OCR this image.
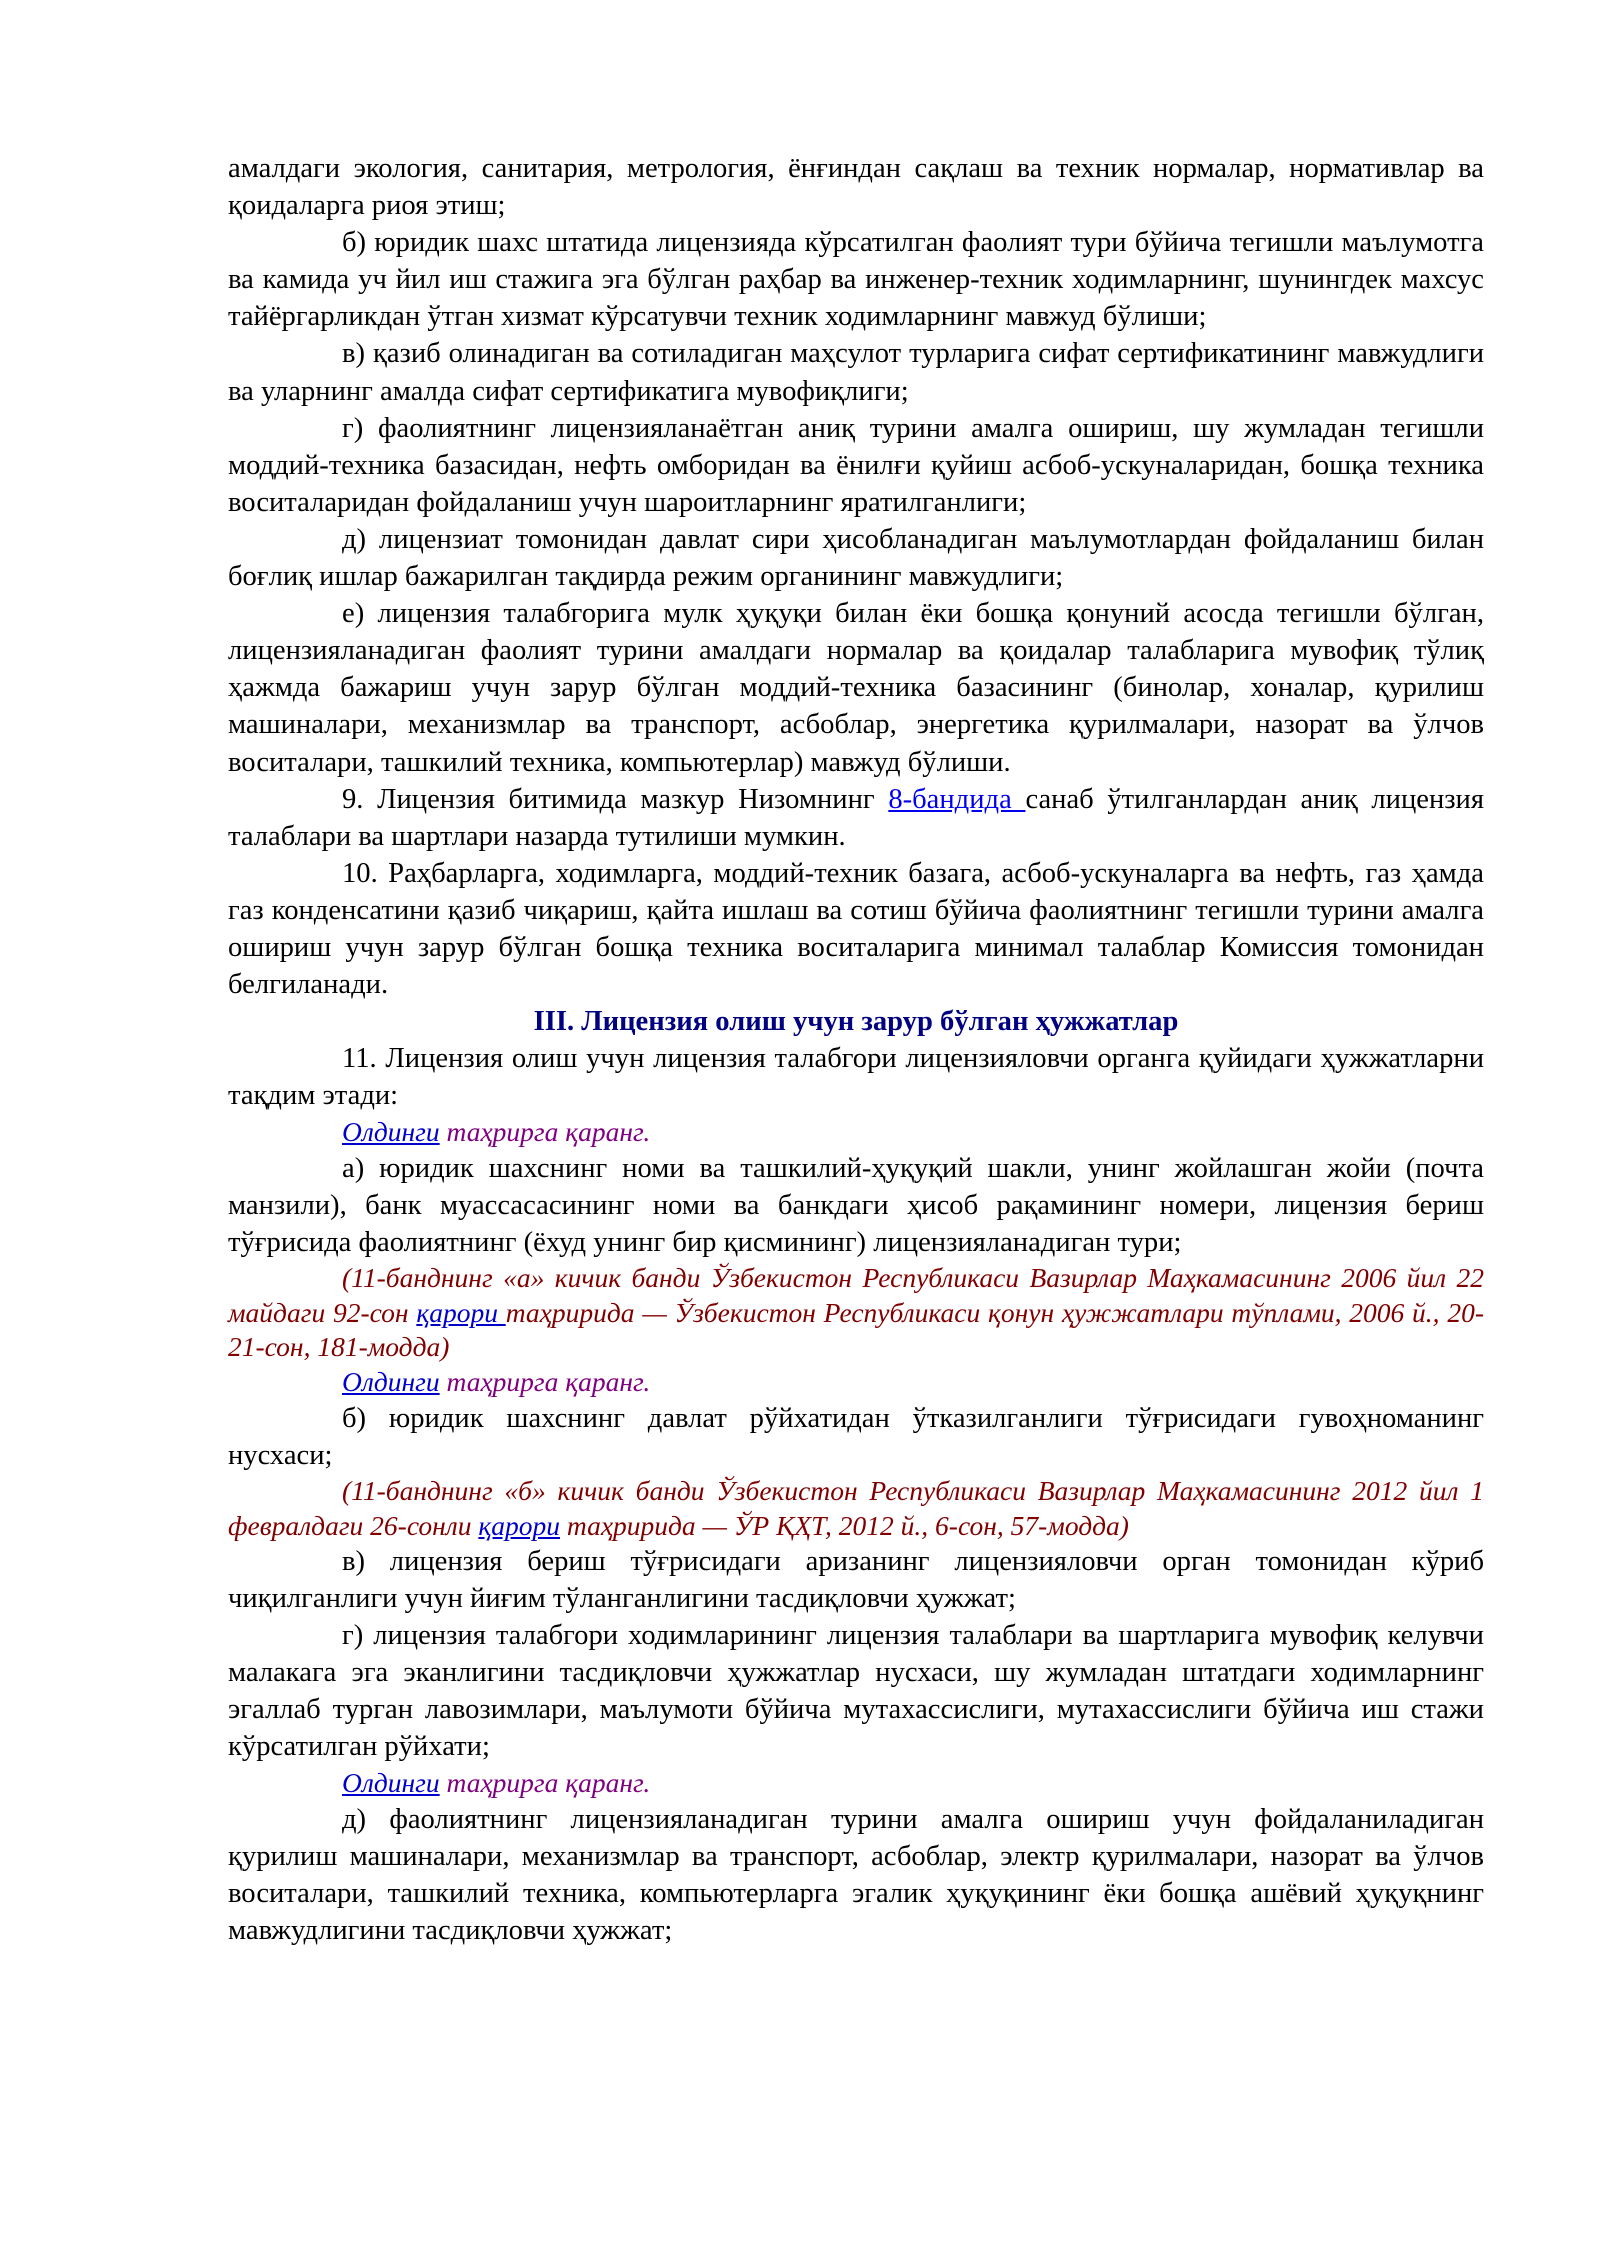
амалдаги экология, санитария, метрология, ёнғиндан сақлаш ва техник нормалар, нормативлар ва қоидаларга риоя этиш;

б) юридик шахс штатида лицензияда кўрсатилган фаолият тури бўйича тегишли маълумотга ва камида уч йил иш стажига эга бўлган раҳбар ва инженер-техник ходимларнинг, шунингдек махсус тайёргарликдан ўтган хизмат кўрсатувчи техник ходимларнинг мавжуд бўлиши;

в) қазиб олинадиган ва сотиладиган маҳсулот турларига сифат сертификатининг мавжудлиги ва уларнинг амалда сифат сертификатига мувофиқлиги;

г) фаолиятнинг лицензияланаётган аниқ турини амалга ошириш, шу жумладан тегишли моддий-техника базасидан, нефть омборидан ва ёнилғи қуйиш асбоб-ускуналаридан, бошқа техника воситаларидан фойдаланиш учун шароитларнинг яратилганлиги;

д) лицензиат томонидан давлат сири ҳисобланадиган маълумотлардан фойдаланиш билан боғлиқ ишлар бажарилган тақдирда режим органининг мавжудлиги;

е) лицензия талабгорига мулк ҳуқуқи билан ёки бошқа қонуний асосда тегишли бўлган, лицензияланадиган фаолият турини амалдаги нормалар ва қоидалар талабларига мувофиқ тўлиқ ҳажмда бажариш учун зарур бўлган моддий-техника базасининг (бинолар, хоналар, қурилиш машиналари, механизмлар ва транспорт, асбоблар, энергетика қурилмалари, назорат ва ўлчов воситалари, ташкилий техника, компьютерлар) мавжуд бўлиши.

9. Лицензия битимида мазкур Низомнинг 8-бандида санаб ўтилганлардан аниқ лицензия талаблари ва шартлари назарда тутилиши мумкин.

10. Раҳбарларга, ходимларга, моддий-техник базага, асбоб-ускуналарга ва нефть, газ ҳамда газ конденсатини қазиб чиқариш, қайта ишлаш ва сотиш бўйича фаолиятнинг тегишли турини амалга ошириш учун зарур бўлган бошқа техника воситаларига минимал талаблар Комиссия томонидан белгиланади.

III. Лицензия олиш учун зарур бўлган ҳужжатлар

11. Лицензия олиш учун лицензия талабгори лицензияловчи органга қуйидаги ҳужжатларни тақдим этади:

Олдинги таҳрирга қаранг.

а) юридик шахснинг номи ва ташкилий-ҳуқуқий шакли, унинг жойлашган жойи (почта манзили), банк муассасасининг номи ва банкдаги ҳисоб рақамининг номери, лицензия бериш тўғрисида фаолиятнинг (ёхуд унинг бир қисмининг) лицензияланадиган тури;

(11-банднинг «а» кичик банди Ўзбекистон Республикаси Вазирлар Маҳкамасининг 2006 йил 22 майдаги 92-сон қарори таҳририда — Ўзбекистон Республикаси қонун ҳужжатлари тўплами, 2006 й., 20-21-сон, 181-модда)

Олдинги таҳрирга қаранг.

б) юридик шахснинг давлат рўйхатидан ўтказилганлиги тўғрисидаги гувоҳноманинг нусхаси;

(11-банднинг «б» кичик банди Ўзбекистон Республикаси Вазирлар Маҳкамасининг 2012 йил 1 февралдаги 26-сонли қарори таҳририда — ЎР ҚҲТ, 2012 й., 6-сон, 57-модда)

в) лицензия бериш тўғрисидаги аризанинг лицензияловчи орган томонидан кўриб чиқилганлиги учун йиғим тўланганлигини тасдиқловчи ҳужжат;

г) лицензия талабгори ходимларининг лицензия талаблари ва шартларига мувофиқ келувчи малакага эга эканлигини тасдиқловчи ҳужжатлар нусхаси, шу жумладан штатдаги ходимларнинг эгаллаб турган лавозимлари, маълумоти бўйича мутахассислиги, мутахассислиги бўйича иш стажи кўрсатилган рўйхати;

Олдинги таҳрирга қаранг.

д) фаолиятнинг лицензияланадиган турини амалга ошириш учун фойдаланиладиган қурилиш машиналари, механизмлар ва транспорт, асбоблар, электр қурилмалари, назорат ва ўлчов воситалари, ташкилий техника, компьютерларга эгалик ҳуқуқининг ёки бошқа ашёвий ҳуқуқнинг мавжудлигини тасдиқловчи ҳужжат;
